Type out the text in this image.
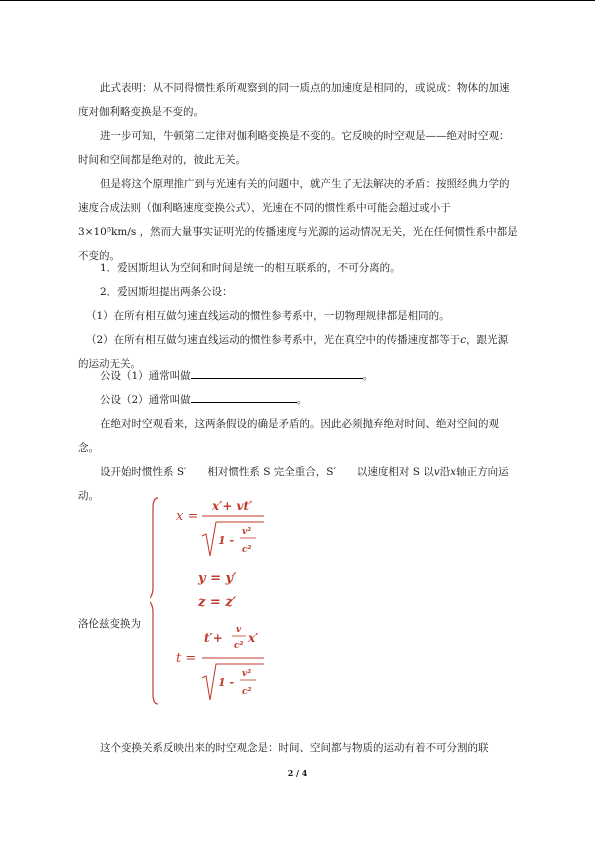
此式表明：从不同得惯性系所观察到的同一质点的加速度是相同的，或说成：物体的加速度对伽利略变换是不变的。

进一步可知，牛顿第二定律对伽利略变换是不变的。它反映的时空观是——绝对时空观：时间和空间都是绝对的，彼此无关。

但是将这个原理推广到与光速有关的问题中，就产生了无法解决的矛盾：按照经典力学的速度合成法则（伽利略速度变换公式），光速在不同的惯性系中可能会超过或小于
3×10⁵km/s ，然而大量事实证明光的传播速度与光源的运动情况无关，光在任何惯性系中都是不变的。

1．爱因斯坦认为空间和时间是统一的相互联系的，不可分离的。

2．爱因斯坦提出两条公设：

（1）在所有相互做匀速直线运动的惯性参考系中，一切物理规律都是相同的。

（2）在所有相互做匀速直线运动的惯性参考系中，光在真空中的传播速度都等于c，跟光源的运动无关。

公设（1）通常叫做	。

公设（2）通常叫做	。

在绝对时空观看来，这两条假设的确是矛盾的。因此必须抛弃绝对时间、绝对空间的观念。

设开始时惯性系 S′　　相对惯性系 S 完全重合，S′　　以速度相对 S 以v沿x轴正方向运动。

洛伦兹变换为
x =
x′+ vt′
1 -
v²
c²
y = y′
z = z′
t =
t′+
v
c²
x′
1 -
v²
c²

这个变换关系反映出来的时空观念是：时间、空间都与物质的运动有着不可分割的联

2 / 4
